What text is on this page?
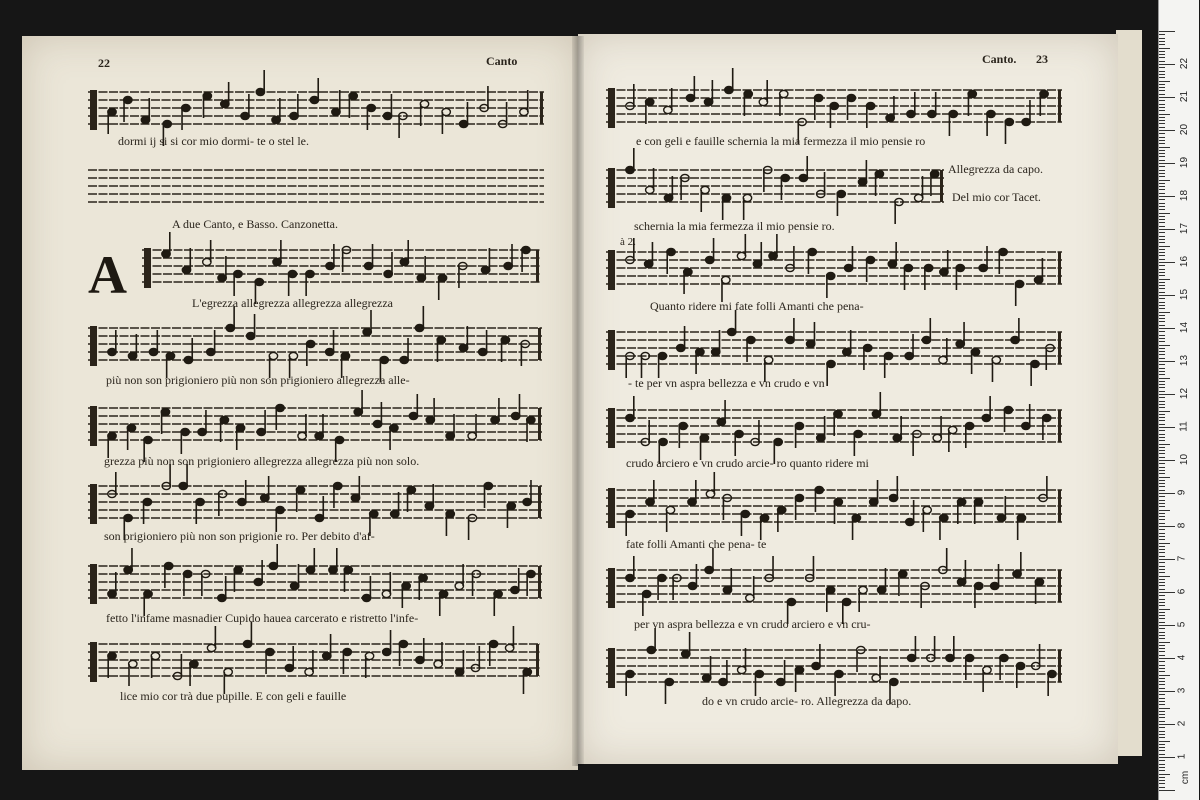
22	Canto
dormi ij si si cor mio dormi- te o stel le.
A due Canto, e Basso. Canzonetta.
A	L'egrezza allegrezza allegrezza allegrezza
più non son prigioniero più non son prigioniero allegrezza alle-
grezza più non son prigioniero allegrezza allegrezza più non solo.
son prigioniero più non son prigionie ro. Per debito d'af-
fetto l'infame masnadier Cupido haueа carcerato e ristretto l'infe-
lice mio cor trà due pupille. E con geli e fauille
Canto. 23
e con geli e fauille schernia la mia fermezza il mio pensie ro
Allegrezza da capo.
Del mio cor Tacet.
schernia la mia fermezza il mio pensie ro.
à 2.
Quanto ridere mi fate folli Amanti che pena-
- te per vn aspra bellezza e vn crudo e vn
crudo arciero e vn crudo arcie- ro quanto ridere mi
fate folli Amanti che pena- te
per vn aspra bellezza e vn crudo arciero e vn cru-
do e vn crudo arcie- ro. Allegrezza da capo.
1
2
3
4
5
6
7
8
9
10
11
12
13
14
15
16
17
18
19
20
21
22
cm
